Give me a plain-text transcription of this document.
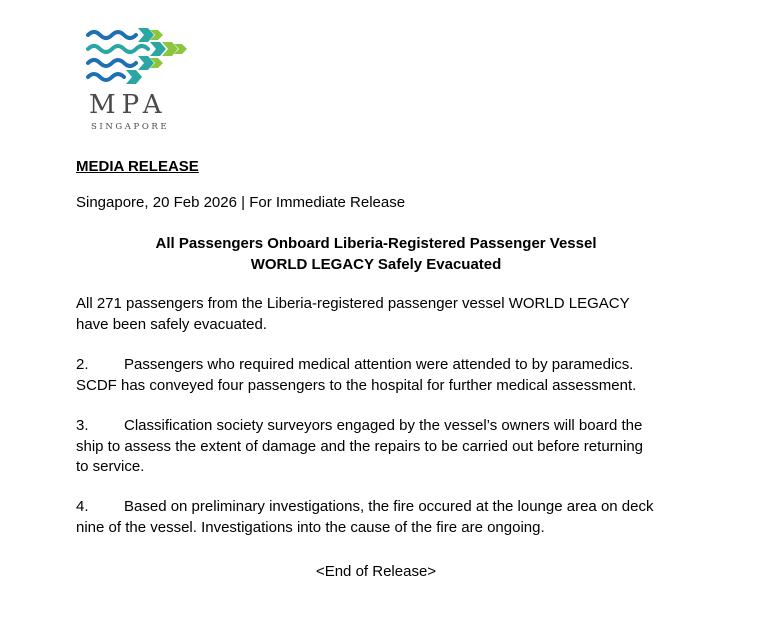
MPA
SINGAPORE
MEDIA RELEASE
Singapore, 20 Feb 2026 | For Immediate Release
All Passengers Onboard Liberia-Registered Passenger Vessel
WORLD LEGACY Safely Evacuated
All 271 passengers from the Liberia-registered passenger vessel WORLD LEGACY
have been safely evacuated.
2. Passengers who required medical attention were attended to by paramedics.
SCDF has conveyed four passengers to the hospital for further medical assessment.
3. Classification society surveyors engaged by the vessel’s owners will board the
ship to assess the extent of damage and the repairs to be carried out before returning
to service.
4. Based on preliminary investigations, the fire occured at the lounge area on deck
nine of the vessel. Investigations into the cause of the fire are ongoing.
<End of Release>
